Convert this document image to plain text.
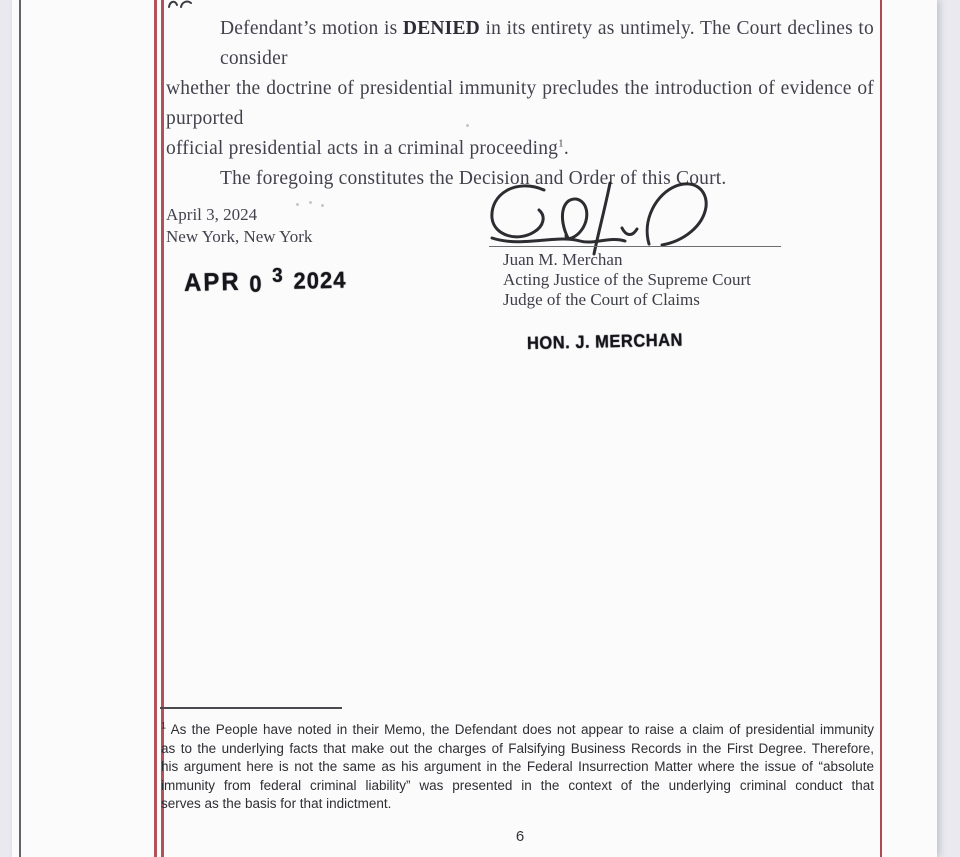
Defendant’s motion is DENIED in its entirety as untimely. The Court declines to consider
whether the doctrine of presidential immunity precludes the introduction of evidence of purported
official presidential acts in a criminal proceeding$^1$.
The foregoing constitutes the Decision and Order of this Court.
April 3, 2024
New York, New York
APR 0 $^3$ 2024
Juan M. Merchan
Acting Justice of the Supreme Court
Judge of the Court of Claims
HON. J. MERCHAN
$^1$ As the People have noted in their Memo, the Defendant does not appear to raise a claim of presidential immunity
as to the underlying facts that make out the charges of Falsifying Business Records in the First Degree. Therefore,
his argument here is not the same as his argument in the Federal Insurrection Matter where the issue of “absolute
immunity from federal criminal liability” was presented in the context of the underlying criminal conduct that
serves as the basis for that indictment.
6
